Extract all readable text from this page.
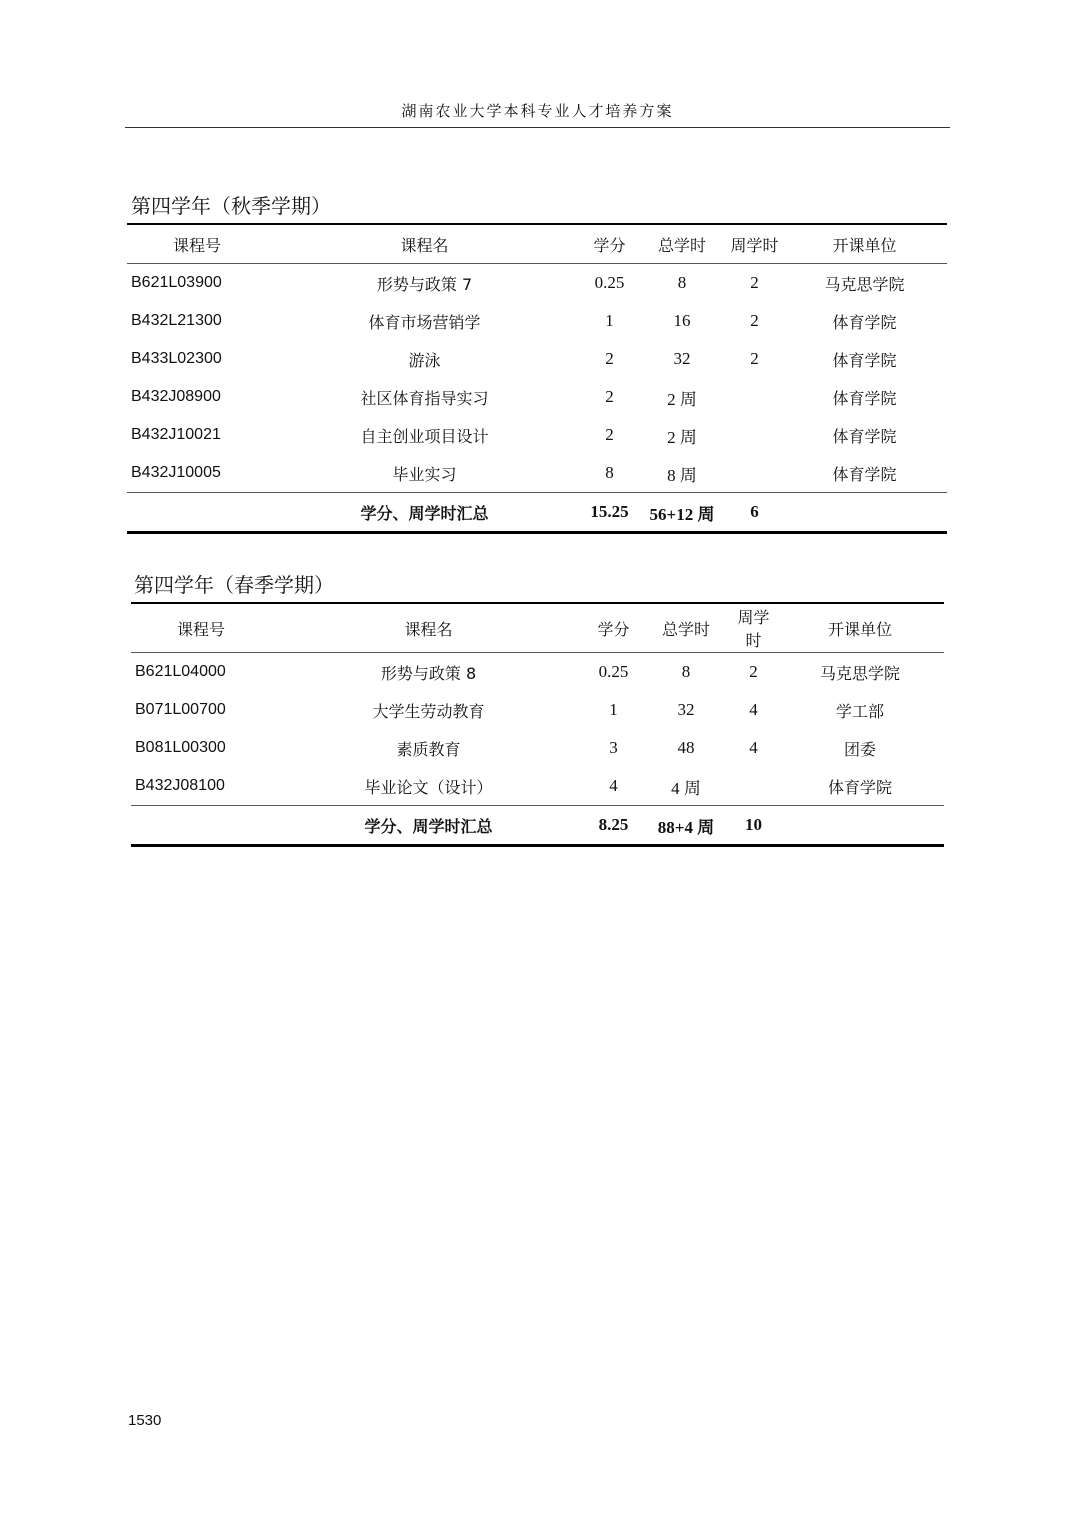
湖南农业大学本科专业人才培养方案
第四学年（秋季学期）
课程号	课程名	学分	总学时	周学时	开课单位
B621L03900	形势与政策 7	0.25	8	2	马克思学院
B432L21300	体育市场营销学	1	16	2	体育学院
B433L02300	游泳	2	32	2	体育学院
B432J08900	社区体育指导实习	2	2 周		体育学院
B432J10021	自主创业项目设计	2	2 周		体育学院
B432J10005	毕业实习	8	8 周		体育学院
	学分、周学时汇总	15.25	56+12 周	6	
第四学年（春季学期）
课程号	课程名	学分	总学时	周学时	开课单位
B621L04000	形势与政策 8	0.25	8	2	马克思学院
B071L00700	大学生劳动教育	1	32	4	学工部
B081L00300	素质教育	3	48	4	团委
B432J08100	毕业论文（设计）	4	4 周		体育学院
	学分、周学时汇总	8.25	88+4 周	10	
1530
